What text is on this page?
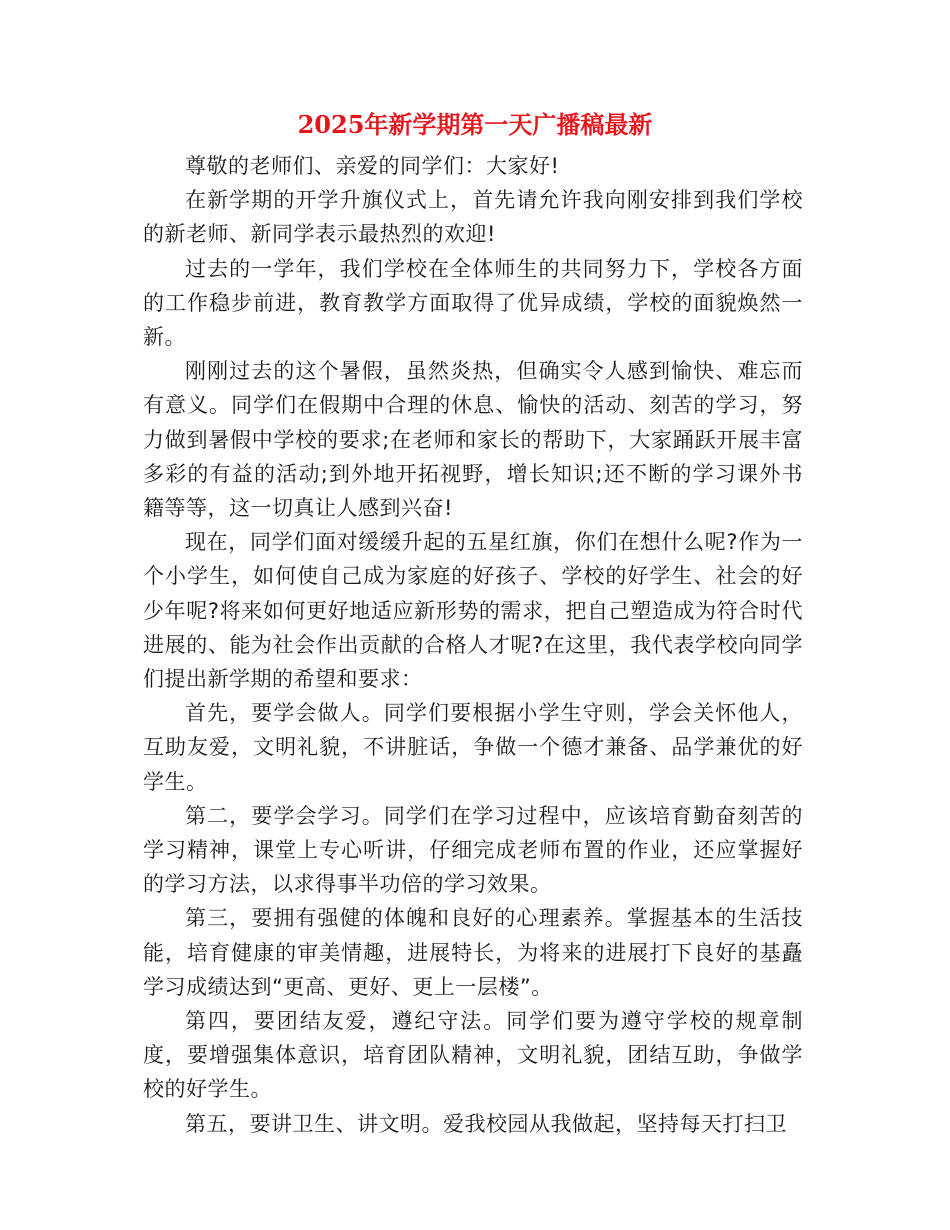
2025年新学期第一天广播稿最新

尊敬的老师们、亲爱的同学们：大家好!

在新学期的开学升旗仪式上，首先请允许我向刚安排到我们学校的新老师、新同学表示最热烈的欢迎!

过去的一学年，我们学校在全体师生的共同努力下，学校各方面的工作稳步前进，教育教学方面取得了优异成绩，学校的面貌焕然一新。

刚刚过去的这个暑假，虽然炎热，但确实令人感到愉快、难忘而有意义。同学们在假期中合理的休息、愉快的活动、刻苦的学习，努力做到暑假中学校的要求;在老师和家长的帮助下，大家踊跃开展丰富多彩的有益的活动;到外地开拓视野，增长知识;还不断的学习课外书籍等等，这一切真让人感到兴奋!

现在，同学们面对缓缓升起的五星红旗，你们在想什么呢?作为一个小学生，如何使自己成为家庭的好孩子、学校的好学生、社会的好少年呢?将来如何更好地适应新形势的需求，把自己塑造成为符合时代进展的、能为社会作出贡献的合格人才呢?在这里，我代表学校向同学们提出新学期的希望和要求：

首先，要学会做人。同学们要根据小学生守则，学会关怀他人，互助友爱，文明礼貌，不讲脏话，争做一个德才兼备、品学兼优的好学生。

第二，要学会学习。同学们在学习过程中，应该培育勤奋刻苦的学习精神，课堂上专心听讲，仔细完成老师布置的作业，还应掌握好的学习方法，以求得事半功倍的学习效果。

第三，要拥有强健的体魄和良好的心理素养。掌握基本的生活技能，培育健康的审美情趣，进展特长，为将来的进展打下良好的基矗学习成绩达到“更高、更好、更上一层楼”。

第四，要团结友爱，遵纪守法。同学们要为遵守学校的规章制度，要增强集体意识，培育团队精神，文明礼貌，团结互助，争做学校的好学生。

第五，要讲卫生、讲文明。爱我校园从我做起，坚持每天打扫卫
